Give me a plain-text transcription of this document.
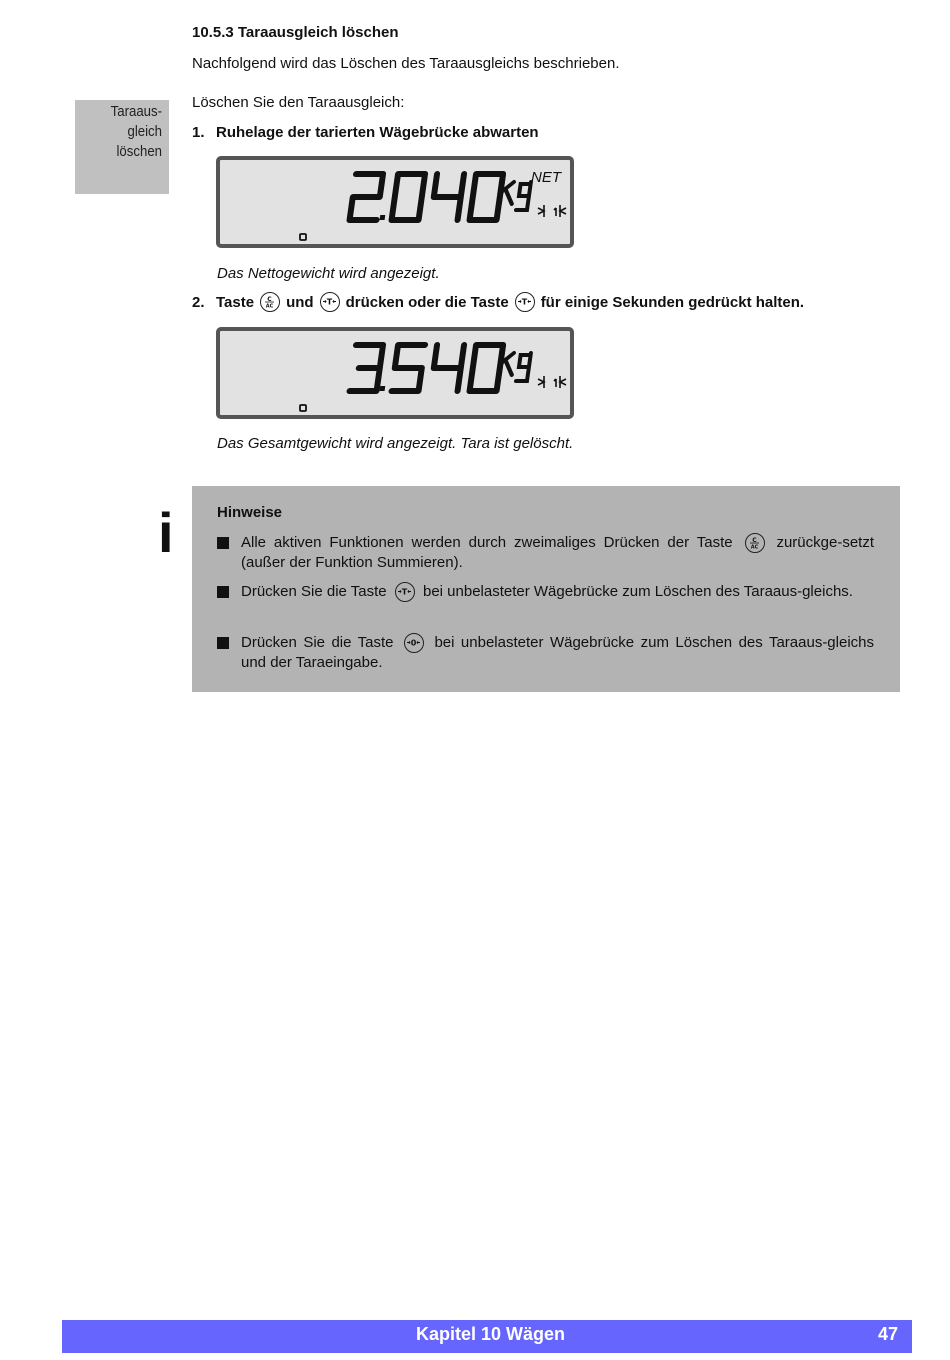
10.5.3 Taraausgleich löschen
Nachfolgend wird das Löschen des Taraausgleichs beschrieben.
Taraaus-
gleich
löschen
Löschen Sie den Taraausgleich:
1. Ruhelage der tarierten Wägebrücke abwarten
NET
Das Nettogewicht wird angezeigt.
2. Taste C
AC und T drücken oder die Taste T für einige Sekunden gedrückt halten.
Das Gesamtgewicht wird angezeigt. Tara ist gelöscht.
i	Hinweise
Alle aktiven Funktionen werden durch zweimaliges Drücken der Taste	C
AC zurückge-setzt (außer der Funktion Summieren).
Drücken Sie die Taste T bei unbelasteter Wägebrücke zum Löschen des Taraaus-gleichs.
Drücken Sie die Taste 0 bei unbelasteter Wägebrücke zum Löschen des Taraaus-gleichs und der Taraeingabe.
Kapitel 10 Wägen	47
